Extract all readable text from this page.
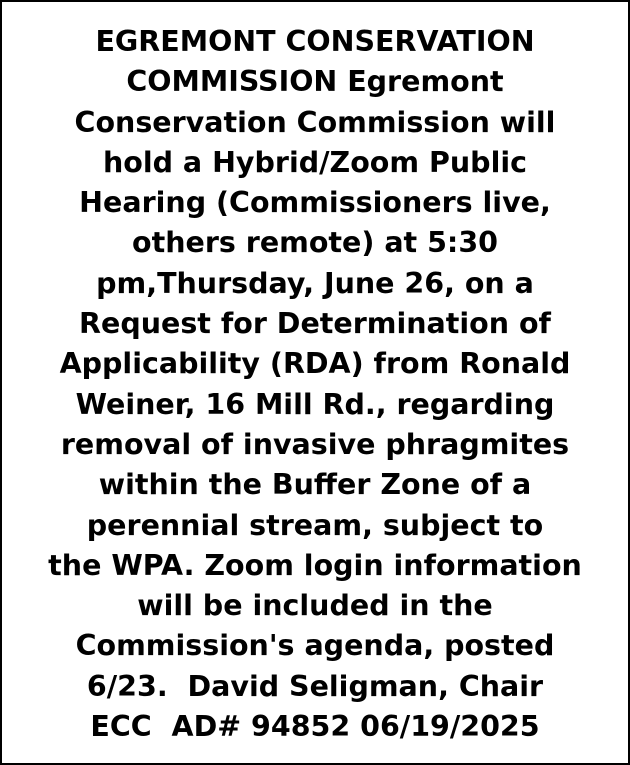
EGREMONT CONSERVATION
COMMISSION Egremont
Conservation Commission will
hold a Hybrid/Zoom Public
Hearing (Commissioners live,
others remote) at 5:30
pm,Thursday, June 26, on a
Request for Determination of
Applicability (RDA) from Ronald
Weiner, 16 Mill Rd., regarding
removal of invasive phragmites
within the Buffer Zone of a
perennial stream, subject to
the WPA. Zoom login information
will be included in the
Commission's agenda, posted
6/23.  David Seligman, Chair
ECC  AD# 94852 06/19/2025
